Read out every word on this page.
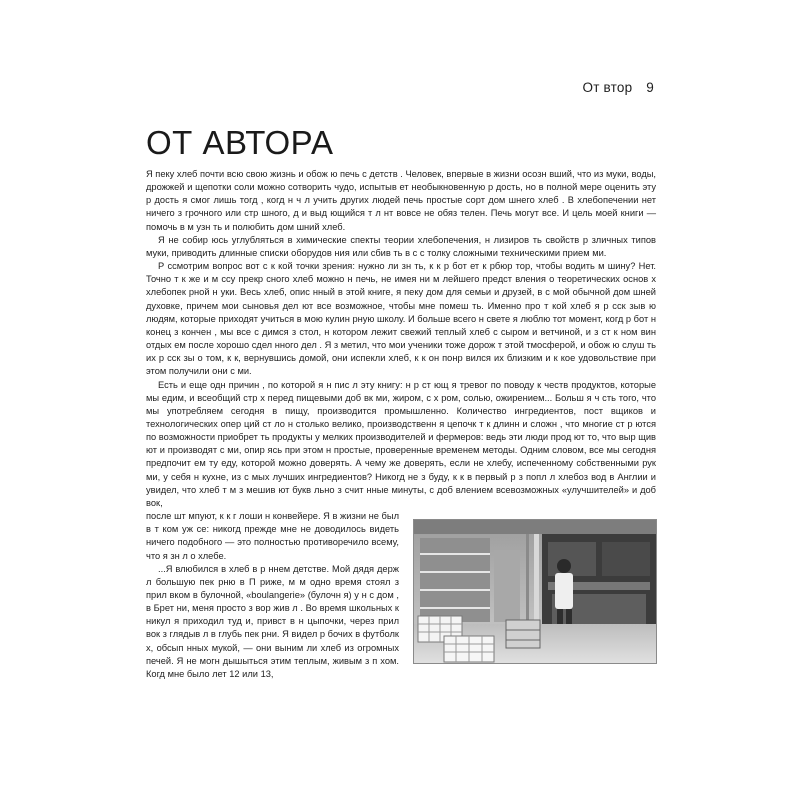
От втор 9
ОТ АВТОРА

Я пеку хлеб почти всю свою жизнь и обож ю печь с детств . Человек, впервые в жизни осозн вший, что из муки, воды, дрожжей и щепотки соли можно сотворить чудо, испытыв ет необыкновенную р дость, но в полной мере оценить эту р дость я смог лишь тогд , когд н ч л учить других людей печь простые сорт дом шнего хлеб . В хлебопечении нет ничего з грочного или стр шного, д и выд ющийся т л нт вовсе не обяз телен. Печь могут все. И цель моей книги — помочь в м узн ть и полюбить дом шний хлеб.

Я не собир юсь углубляться в химические спекты теории хлебопечения, н лизиров ть свойств р зличных типов муки, приводить длинные списки оборудов ния или сбив ть в с с толку сложными техническими прием ми.

Р ссмотрим вопрос вот с к кой точки зрения: нужно ли зн ть, к к р бот ет к рбюр тор, чтобы водить м шину? Нет. Точно т к же и м ссу прекр сного хлеб можно н печь, не имея ни м лейшего предст вления о теоретических основ х хлебопек рной н уки. Весь хлеб, опис нный в этой книге, я пеку дом для семьи и друзей, в с мой обычной дом шней духовке, причем мои сыновья дел ют все возможное, чтобы мне помеш ть. Именно про т кой хлеб я р сск зыв ю людям, которые приходят учиться в мою кулин рную школу. И больше всего н свете я люблю тот момент, когд р бот н конец з кончен , мы все с димся з стол, н котором лежит свежий теплый хлеб с сыром и ветчиной, и з ст к ном вин отдых ем после хорошо сдел нного дел . Я з метил, что мои ученики тоже дорож т этой тмосферой, и обож ю слуш ть их р сск зы о том, к к, вернувшись домой, они испекли хлеб, к к он понр вился их близким и к кое удовольствие при этом получили они с ми.

Есть и еще одн причин , по которой я н пис л эту книгу: н р ст ющ я тревог по поводу к честв продуктов, которые мы едим, и всеобщий стр х перед пищевыми доб вк ми, жиром, с х ром, солью, ожирением... Больш я ч сть того, что мы употребляем сегодня в пищу, производится промышленно. Количество ингредиентов, пост вщиков и технологических опер ций ст ло н столько велико, производственн я цепочк т к длинн и сложн , что многие ст р ются по возможности приобрет ть продукты у мелких производителей и фермеров: ведь эти люди прод ют то, что выр щив ют и производят с ми, опир ясь при этом н простые, проверенные временем методы. Одним словом, все мы сегодня предпочит ем ту еду, которой можно доверять. А чему же доверять, если не хлебу, испеченному собственными рук ми, у себя н кухне, из с мых лучших ингредиентов? Никогд не з буду, к к в первый р з попл л хлебоз вод в Англии и увидел, что хлеб т м з мешив ют букв льно з счит нные минуты, с доб влением всевозможных «улучшителей» и доб вок,

после шт мпуют, к к г лоши н конвейере. Я в жизни не был в т ком уж се: никогд прежде мне не доводилось видеть ничего подобного — это полностью противоречило всему, что я зн л о хлебе.

...Я влюбился в хлеб в р ннем детстве. Мой дядя держ л большую пек рню в П риже, м м одно время стоял з прил вком в булочной, «boulangerie» (булочн я) у н с дом , в Брет ни, меня просто з вор жив л . Во время школьных к никул я приходил туд и, привст в н цыпочки, через прил вок з глядыв л в глубь пек рни. Я видел р бочих в футболк х, обсып нных мукой, — они выним ли хлеб из огромных печей. Я не могн дышыться этим теплым, живым з п хом. Когд мне было лет 12 или 13,
